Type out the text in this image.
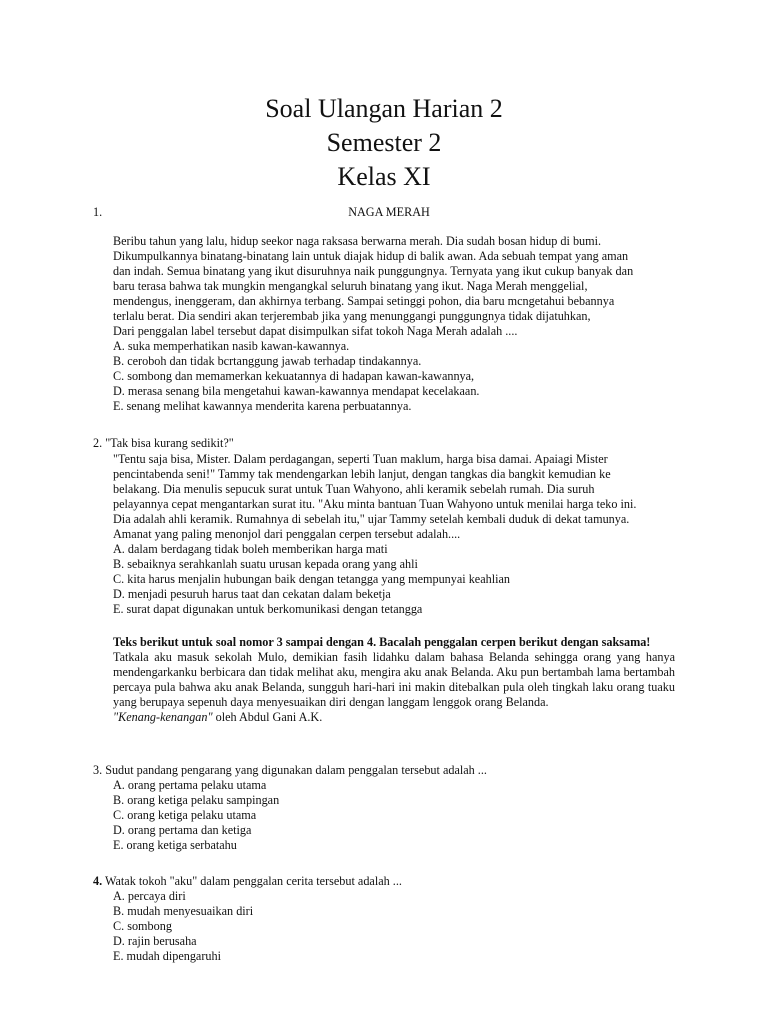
Soal Ulangan Harian 2
Semester 2
Kelas XI
1.	NAGA MERAH
Beribu tahun yang lalu, hidup seekor naga raksasa berwarna merah. Dia sudah bosan hidup di bumi.
Dikumpulkannya binatang-binatang lain untuk diajak hidup di balik awan. Ada sebuah tempat yang aman
dan indah. Semua binatang yang ikut disuruhnya naik punggungnya. Ternyata yang ikut cukup banyak dan
baru terasa bahwa tak mungkin mengangkal seluruh binatang yang ikut. Naga Merah menggelial,
mendengus, inenggeram, dan akhirnya terbang. Sampai setinggi pohon, dia baru mcngetahui bebannya
terlalu berat. Dia sendiri akan terjerembab jika yang menunggangi punggungnya tidak dijatuhkan,
Dari penggalan label tersebut dapat disimpulkan sifat tokoh Naga Merah adalah ....
A. suka memperhatikan nasib kawan-kawannya.
B. ceroboh dan tidak bcrtanggung jawab terhadap tindakannya.
C. sombong dan memamerkan kekuatannya di hadapan kawan-kawannya,
D. merasa senang bila mengetahui kawan-kawannya mendapat kecelakaan.
E. senang melihat kawannya menderita karena perbuatannya.
2. "Tak bisa kurang sedikit?"
"Tentu saja bisa, Mister. Dalam perdagangan, seperti Tuan maklum, harga bisa damai. Apaiagi Mister
pencintabenda seni!" Tammy tak mendengarkan lebih lanjut, dengan tangkas dia bangkit kemudian ke
belakang. Dia menulis sepucuk surat untuk Tuan Wahyono, ahli keramik sebelah rumah. Dia suruh
pelayannya cepat mengantarkan surat itu. "Aku minta bantuan Tuan Wahyono untuk menilai harga teko ini.
Dia adalah ahli keramik. Rumahnya di sebelah itu," ujar Tammy setelah kembali duduk di dekat tamunya.
Amanat yang paling menonjol dari penggalan cerpen tersebut adalah....
A. dalam berdagang tidak boleh memberikan harga mati
B. sebaiknya serahkanlah suatu urusan kepada orang yang ahli
C. kita harus menjalin hubungan baik dengan tetangga yang mempunyai keahlian
D. menjadi pesuruh harus taat dan cekatan dalam beketja
E. surat dapat digunakan untuk berkomunikasi dengan tetangga
Teks berikut untuk soal nomor 3 sampai dengan 4. Bacalah penggalan cerpen berikut dengan saksama!
Tatkala aku masuk sekolah Mulo, demikian fasih lidahku dalam bahasa Belanda sehingga orang yang hanya mendengarkanku berbicara dan tidak melihat aku, mengira aku anak Belanda. Aku pun bertambah lama bertambah percaya pula bahwa aku anak Belanda, sungguh hari-hari ini makin ditebalkan pula oleh tingkah laku orang tuaku yang berupaya sepenuh daya menyesuaikan diri dengan langgam lenggok orang Belanda.
"Kenang-kenangan" oleh Abdul Gani A.K.
3. Sudut pandang pengarang yang digunakan dalam penggalan tersebut adalah ...
A. orang pertama pelaku utama
B. orang ketiga pelaku sampingan
C. orang ketiga pelaku utama
D. orang pertama dan ketiga
E. orang ketiga serbatahu
4. Watak tokoh "aku" dalam penggalan cerita tersebut adalah ...
A. percaya diri
B. mudah menyesuaikan diri
C. sombong
D. rajin berusaha
E. mudah dipengaruhi
